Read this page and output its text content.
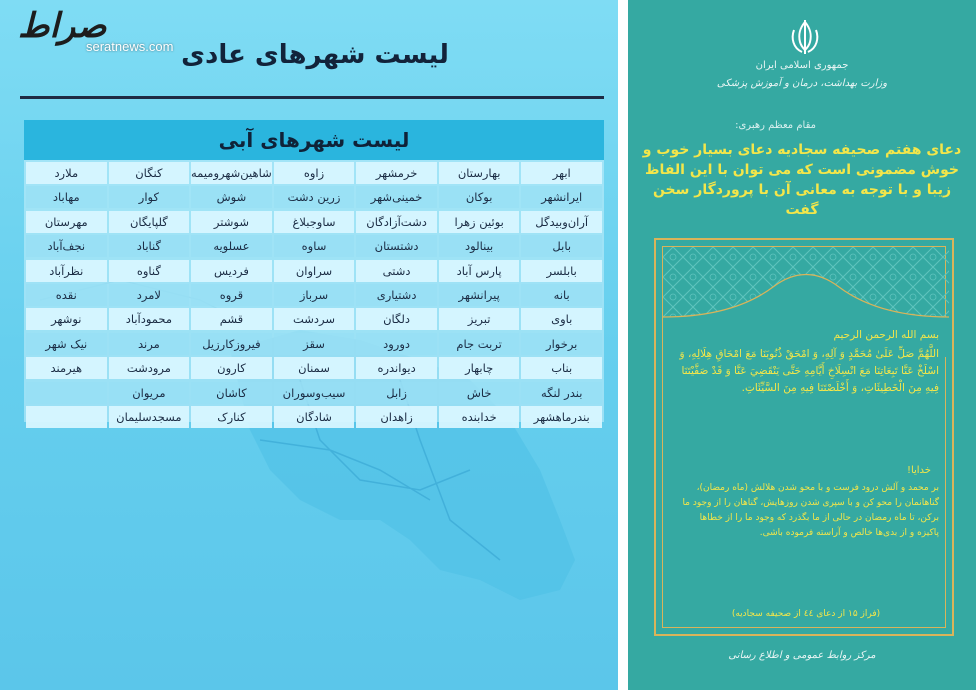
صراط
seratnews.com لیست شهرهای عادی
لیست شهرهای آبی
ابهر
بهارستان
خرمشهر
زاوه
شاهین‌شهرومیمه
کنگان
ملارد
ایرانشهر
بوکان
خمینی‌شهر
زرین دشت
شوش
کوار
مهاباد
آران‌وبیدگل
بوئین زهرا
دشت‌آزادگان
ساوجبلاغ
شوشتر
گلپایگان
مهرستان
بابل
بینالود
دشتستان
ساوه
عسلویه
گناباد
نجف‌آباد
بابلسر
پارس آباد
دشتی
سراوان
فردیس
گناوه
نظرآباد
بانه
پیرانشهر
دشتیاری
سرباز
قروه
لامرد
نقده
باوی
تبریز
دلگان
سردشت
قشم
محمودآباد
نوشهر
برخوار
تربت جام
دورود
سقز
فیروزکارزیل
مرند
نیک شهر
بناب
چابهار
دیواندره
سمنان
کارون
مرودشت
هیرمند
بندر لنگه
خاش
زابل
سیب‌وسوران
کاشان
مریوان
بندرماهشهر
خدابنده
زاهدان
شادگان
کنارک
مسجدسلیمان
جمهوری اسلامی ایران
وزارت بهداشت، درمان و آموزش پزشکی
مقام معظم رهبری:
دعای هفتم صحیفه سجادیه دعای بسیار خوب و خوش مضمونی است که می توان با این الفاظ زیبا و با توجه به معانی آن با پروردگار سخن گفت
بسم الله الرحمن الرحیم
اللَّهُمَّ صَلِّ عَلَىٰ مُحَمَّدٍ وَ آلِهِ، وَ امْحَقْ ذُنُوبَنَا مَعَ امْحَاقِ هِلَالِهِ، وَ اسْلَخْ عَنَّا تَبِعَاتِنَا مَعَ انْسِلَاخِ أَيَّامِهِ حَتَّى يَنْقَضِيَ عَنَّا وَ قَدْ صَفَّيْتَنَا فِيهِ مِنَ الْخَطِيئَاتِ، وَ أَخْلَصْتَنَا فِيهِ مِنَ السَّيِّئَاتِ.
خدایا!
بر محمد و آلش درود فرست و با محو شدن هلالش (ماه رمضان)، گناهانمان را محو کن و با سپری شدن روزهایش، گناهان را از وجود ما برکن، تا ماه رمضان در حالی از ما بگذرد که وجود ما را از خطاها پاکیزه و از بدی‌ها خالص و آراسته فرموده باشی.
(فراز ۱۵ از دعای ٤٤ از صحیفه سجادیه)
مرکز روابط عمومی و اطلاع رسانی
